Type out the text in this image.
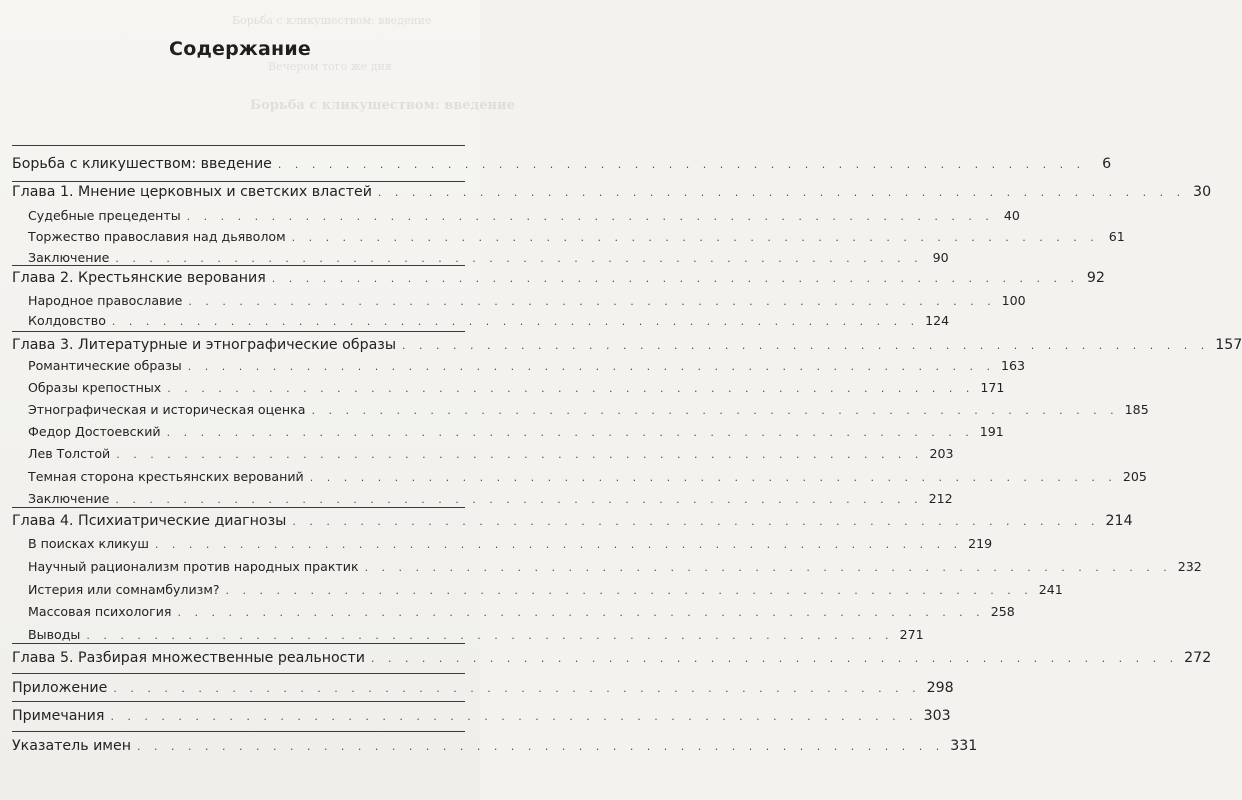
Борьба с кликушеством: введение
Вечером того же дня
Борьба с кликушеством: введение
Содержание
Борьба с кликушеством: введение . . . . . . . . . . . . . . . . . . . . . . . . . . . . . . . . . . . . . . . . . . . . . . . .	6
Глава 1. Мнение церковных и светских властей . . . . . . . . . . . . . . . . . . . . . . . . . . . . . . . . . . . . . . . . . . . . . . . . 30
Судебные прецеденты . . . . . . . . . . . . . . . . . . . . . . . . . . . . . . . . . . . . . . . . . . . . . . . . 40
Торжество православия над дьяволом . . . . . . . . . . . . . . . . . . . . . . . . . . . . . . . . . . . . . . . . . . . . . . . . 61
Заключение . . . . . . . . . . . . . . . . . . . . . . . . . . . . . . . . . . . . . . . . . . . . . . . . 90
Глава 2. Крестьянские верования . . . . . . . . . . . . . . . . . . . . . . . . . . . . . . . . . . . . . . . . . . . . . . . . 92
Народное православие . . . . . . . . . . . . . . . . . . . . . . . . . . . . . . . . . . . . . . . . . . . . . . . . 100
Колдовство . . . . . . . . . . . . . . . . . . . . . . . . . . . . . . . . . . . . . . . . . . . . . . . . 124
Глава 3. Литературные и этнографические образы . . . . . . . . . . . . . . . . . . . . . . . . . . . . . . . . . . . . . . . . . . . . . . . . 157
Романтические образы . . . . . . . . . . . . . . . . . . . . . . . . . . . . . . . . . . . . . . . . . . . . . . . . 163
Образы крепостных . . . . . . . . . . . . . . . . . . . . . . . . . . . . . . . . . . . . . . . . . . . . . . . . 171
Этнографическая и историческая оценка . . . . . . . . . . . . . . . . . . . . . . . . . . . . . . . . . . . . . . . . . . . . . . . . 185
Федор Достоевский . . . . . . . . . . . . . . . . . . . . . . . . . . . . . . . . . . . . . . . . . . . . . . . . 191
Лев Толстой . . . . . . . . . . . . . . . . . . . . . . . . . . . . . . . . . . . . . . . . . . . . . . . . 203
Темная сторона крестьянских верований . . . . . . . . . . . . . . . . . . . . . . . . . . . . . . . . . . . . . . . . . . . . . . . . 205
Заключение . . . . . . . . . . . . . . . . . . . . . . . . . . . . . . . . . . . . . . . . . . . . . . . . 212
Глава 4. Психиатрические диагнозы . . . . . . . . . . . . . . . . . . . . . . . . . . . . . . . . . . . . . . . . . . . . . . . . 214
В поисках кликуш . . . . . . . . . . . . . . . . . . . . . . . . . . . . . . . . . . . . . . . . . . . . . . . . 219
Научный рационализм против народных практик . . . . . . . . . . . . . . . . . . . . . . . . . . . . . . . . . . . . . . . . . . . . . . . . 232
Истерия или сомнамбулизм? . . . . . . . . . . . . . . . . . . . . . . . . . . . . . . . . . . . . . . . . . . . . . . . . 241
Массовая психология . . . . . . . . . . . . . . . . . . . . . . . . . . . . . . . . . . . . . . . . . . . . . . . . 258
Выводы . . . . . . . . . . . . . . . . . . . . . . . . . . . . . . . . . . . . . . . . . . . . . . . . 271
Глава 5. Разбирая множественные реальности . . . . . . . . . . . . . . . . . . . . . . . . . . . . . . . . . . . . . . . . . . . . . . . . 272
Приложение . . . . . . . . . . . . . . . . . . . . . . . . . . . . . . . . . . . . . . . . . . . . . . . . 298
Примечания . . . . . . . . . . . . . . . . . . . . . . . . . . . . . . . . . . . . . . . . . . . . . . . . 303
Указатель имен . . . . . . . . . . . . . . . . . . . . . . . . . . . . . . . . . . . . . . . . . . . . . . . . 331
